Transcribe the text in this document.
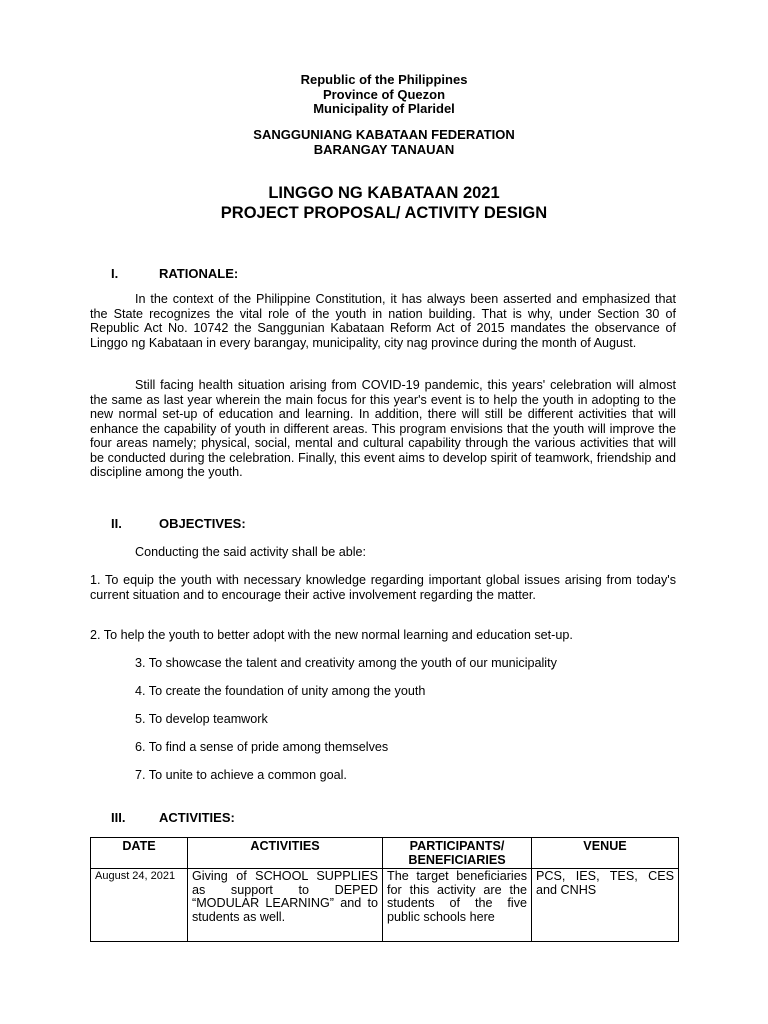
Republic of the Philippines
Province of Quezon
Municipality of Plaridel
SANGGUNIANG KABATAAN FEDERATION
BARANGAY TANAUAN
LINGGO NG KABATAAN 2021
PROJECT PROPOSAL/ ACTIVITY DESIGN
I.	RATIONALE:
In the context of the Philippine Constitution, it has always been asserted and emphasized that the State recognizes the vital role of the youth in nation building. That is why, under Section 30 of Republic Act No. 10742 the Sanggunian Kabataan Reform Act of 2015 mandates the observance of Linggo ng Kabataan in every barangay, municipality, city nag province during the month of August.
Still facing health situation arising from COVID-19 pandemic, this years' celebration will almost the same as last year wherein the main focus for this year's event is to help the youth in adopting to the new normal set-up of education and learning. In addition, there will still be different activities that will enhance the capability of youth in different areas. This program envisions that the youth will improve the four areas namely; physical, social, mental and cultural capability through the various activities that will be conducted during the celebration. Finally, this event aims to develop spirit of teamwork, friendship and discipline among the youth.
II.	OBJECTIVES:
Conducting the said activity shall be able:
1. To equip the youth with necessary knowledge regarding important global issues arising from today's current situation and to encourage their active involvement regarding the matter.
2. To help the youth to better adopt with the new normal learning and education set-up.
3. To showcase the talent and creativity among the youth of our municipality
4. To create the foundation of unity among the youth
5. To develop teamwork
6. To find a sense of pride among themselves
7. To unite to achieve a common goal.
III.	ACTIVITIES:
DATE	ACTIVITIES	PARTICIPANTS/ BENEFICIARIES	VENUE
August 24, 2021	Giving of SCHOOL SUPPLIES as support to DEPED “MODULAR LEARNING” and to students as well.	The target beneficiaries for this activity are the students of the five public schools here	PCS, IES, TES, CES and CNHS
